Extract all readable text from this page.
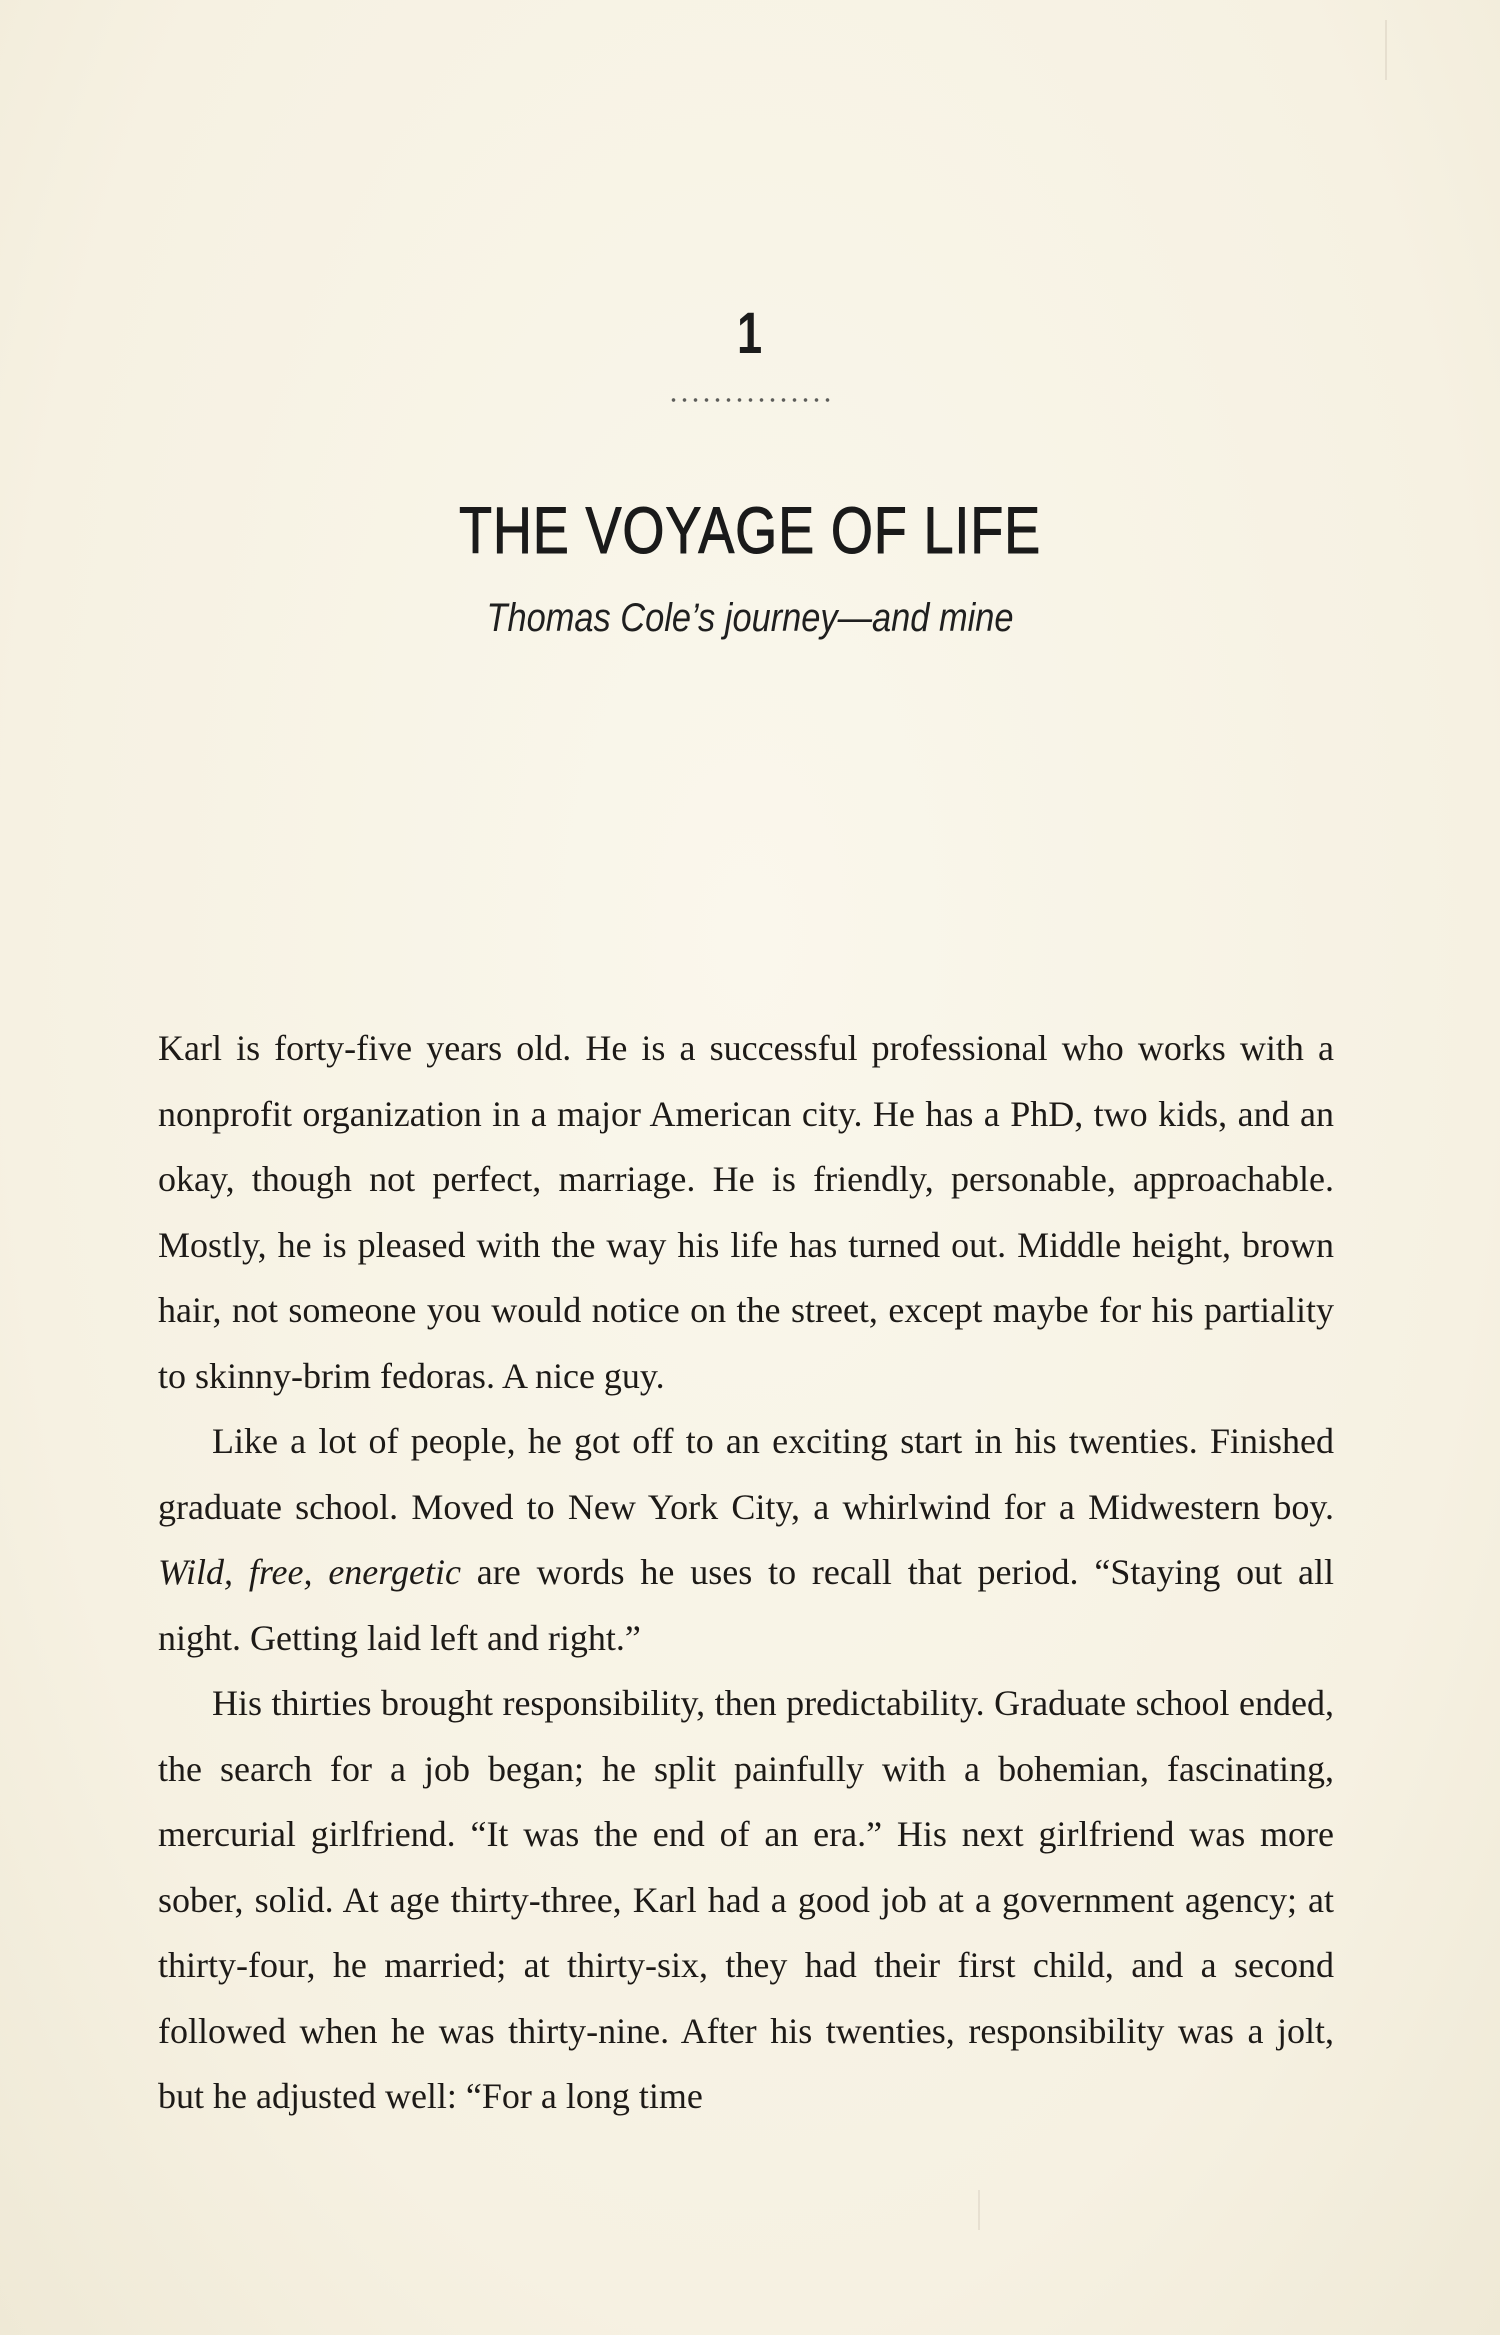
1
THE VOYAGE OF LIFE
Thomas Cole’s journey—and mine

Karl is forty-five years old. He is a successful professional who works with a nonprofit organization in a major American city. He has a PhD, two kids, and an okay, though not perfect, marriage. He is friendly, personable, approachable. Mostly, he is pleased with the way his life has turned out. Middle height, brown hair, not someone you would notice on the street, except maybe for his partiality to skinny-brim fedoras. A nice guy.

Like a lot of people, he got off to an exciting start in his twenties. Finished graduate school. Moved to New York City, a whirlwind for a Midwestern boy. Wild, free, energetic are words he uses to recall that period. “Staying out all night. Getting laid left and right.”

His thirties brought responsibility, then predictability. Graduate school ended, the search for a job began; he split painfully with a bohemian, fascinating, mercurial girlfriend. “It was the end of an era.” His next girlfriend was more sober, solid. At age thirty-three, Karl had a good job at a government agency; at thirty-four, he married; at thirty-six, they had their first child, and a second followed when he was thirty-nine. After his twenties, responsibility was a jolt, but he adjusted well: “For a long time
